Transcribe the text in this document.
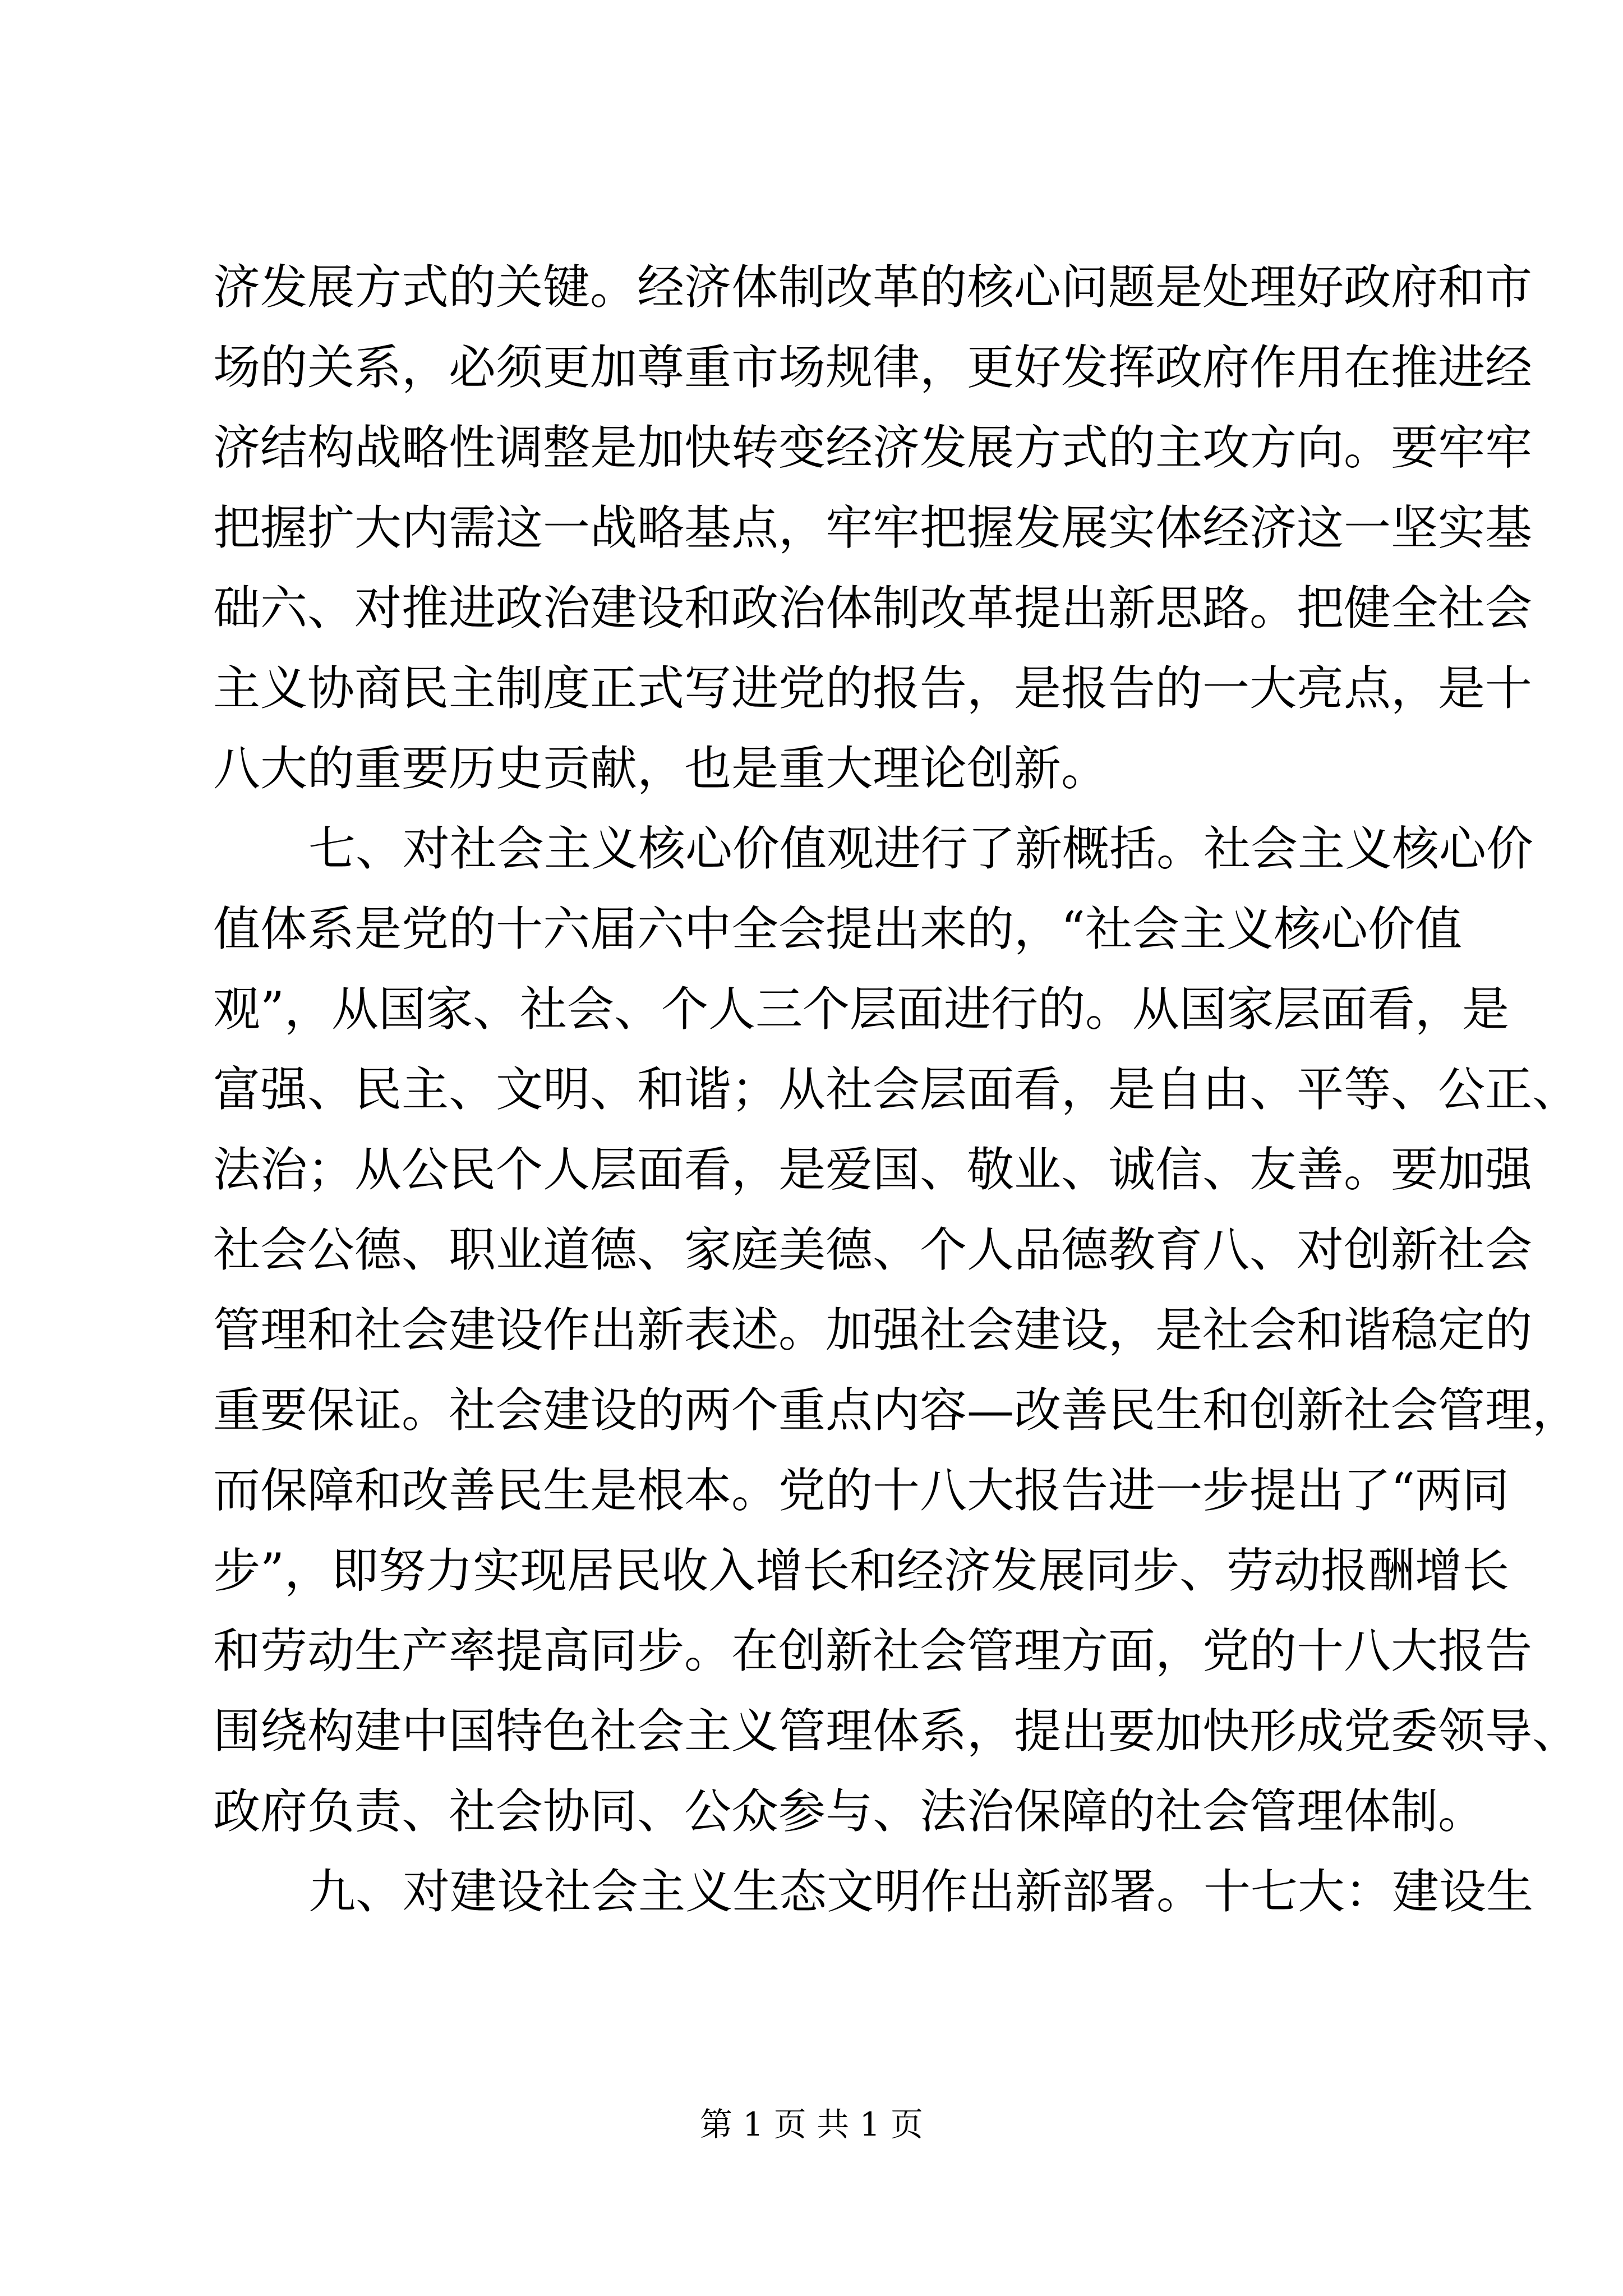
济发展方式的关键。经济体制改革的核心问题是处理好政府和市

场的关系，必须更加尊重市场规律，更好发挥政府作用在推进经

济结构战略性调整是加快转变经济发展方式的主攻方向。要牢牢

把握扩大内需这一战略基点，牢牢把握发展实体经济这一坚实基

础六、对推进政治建设和政治体制改革提出新思路。把健全社会

主义协商民主制度正式写进党的报告，是报告的一大亮点，是十

八大的重要历史贡献，也是重大理论创新。

七、对社会主义核心价值观进行了新概括。社会主义核心价

值体系是党的十六届六中全会提出来的，“社会主义核心价值

观”，从国家、社会、个人三个层面进行的。从国家层面看，是

富强、民主、文明、和谐；从社会层面看，是自由、平等、公正、

法治；从公民个人层面看，是爱国、敬业、诚信、友善。要加强

社会公德、职业道德、家庭美德、个人品德教育八、对创新社会

管理和社会建设作出新表述。加强社会建设，是社会和谐稳定的

重要保证。社会建设的两个重点内容—改善民生和创新社会管理，

而保障和改善民生是根本。党的十八大报告进一步提出了“两同

步”，即努力实现居民收入增长和经济发展同步、劳动报酬增长

和劳动生产率提高同步。在创新社会管理方面，党的十八大报告

围绕构建中国特色社会主义管理体系，提出要加快形成党委领导、

政府负责、社会协同、公众参与、法治保障的社会管理体制。

九、对建设社会主义生态文明作出新部署。十七大：建设生

第 1 页 共 1 页
